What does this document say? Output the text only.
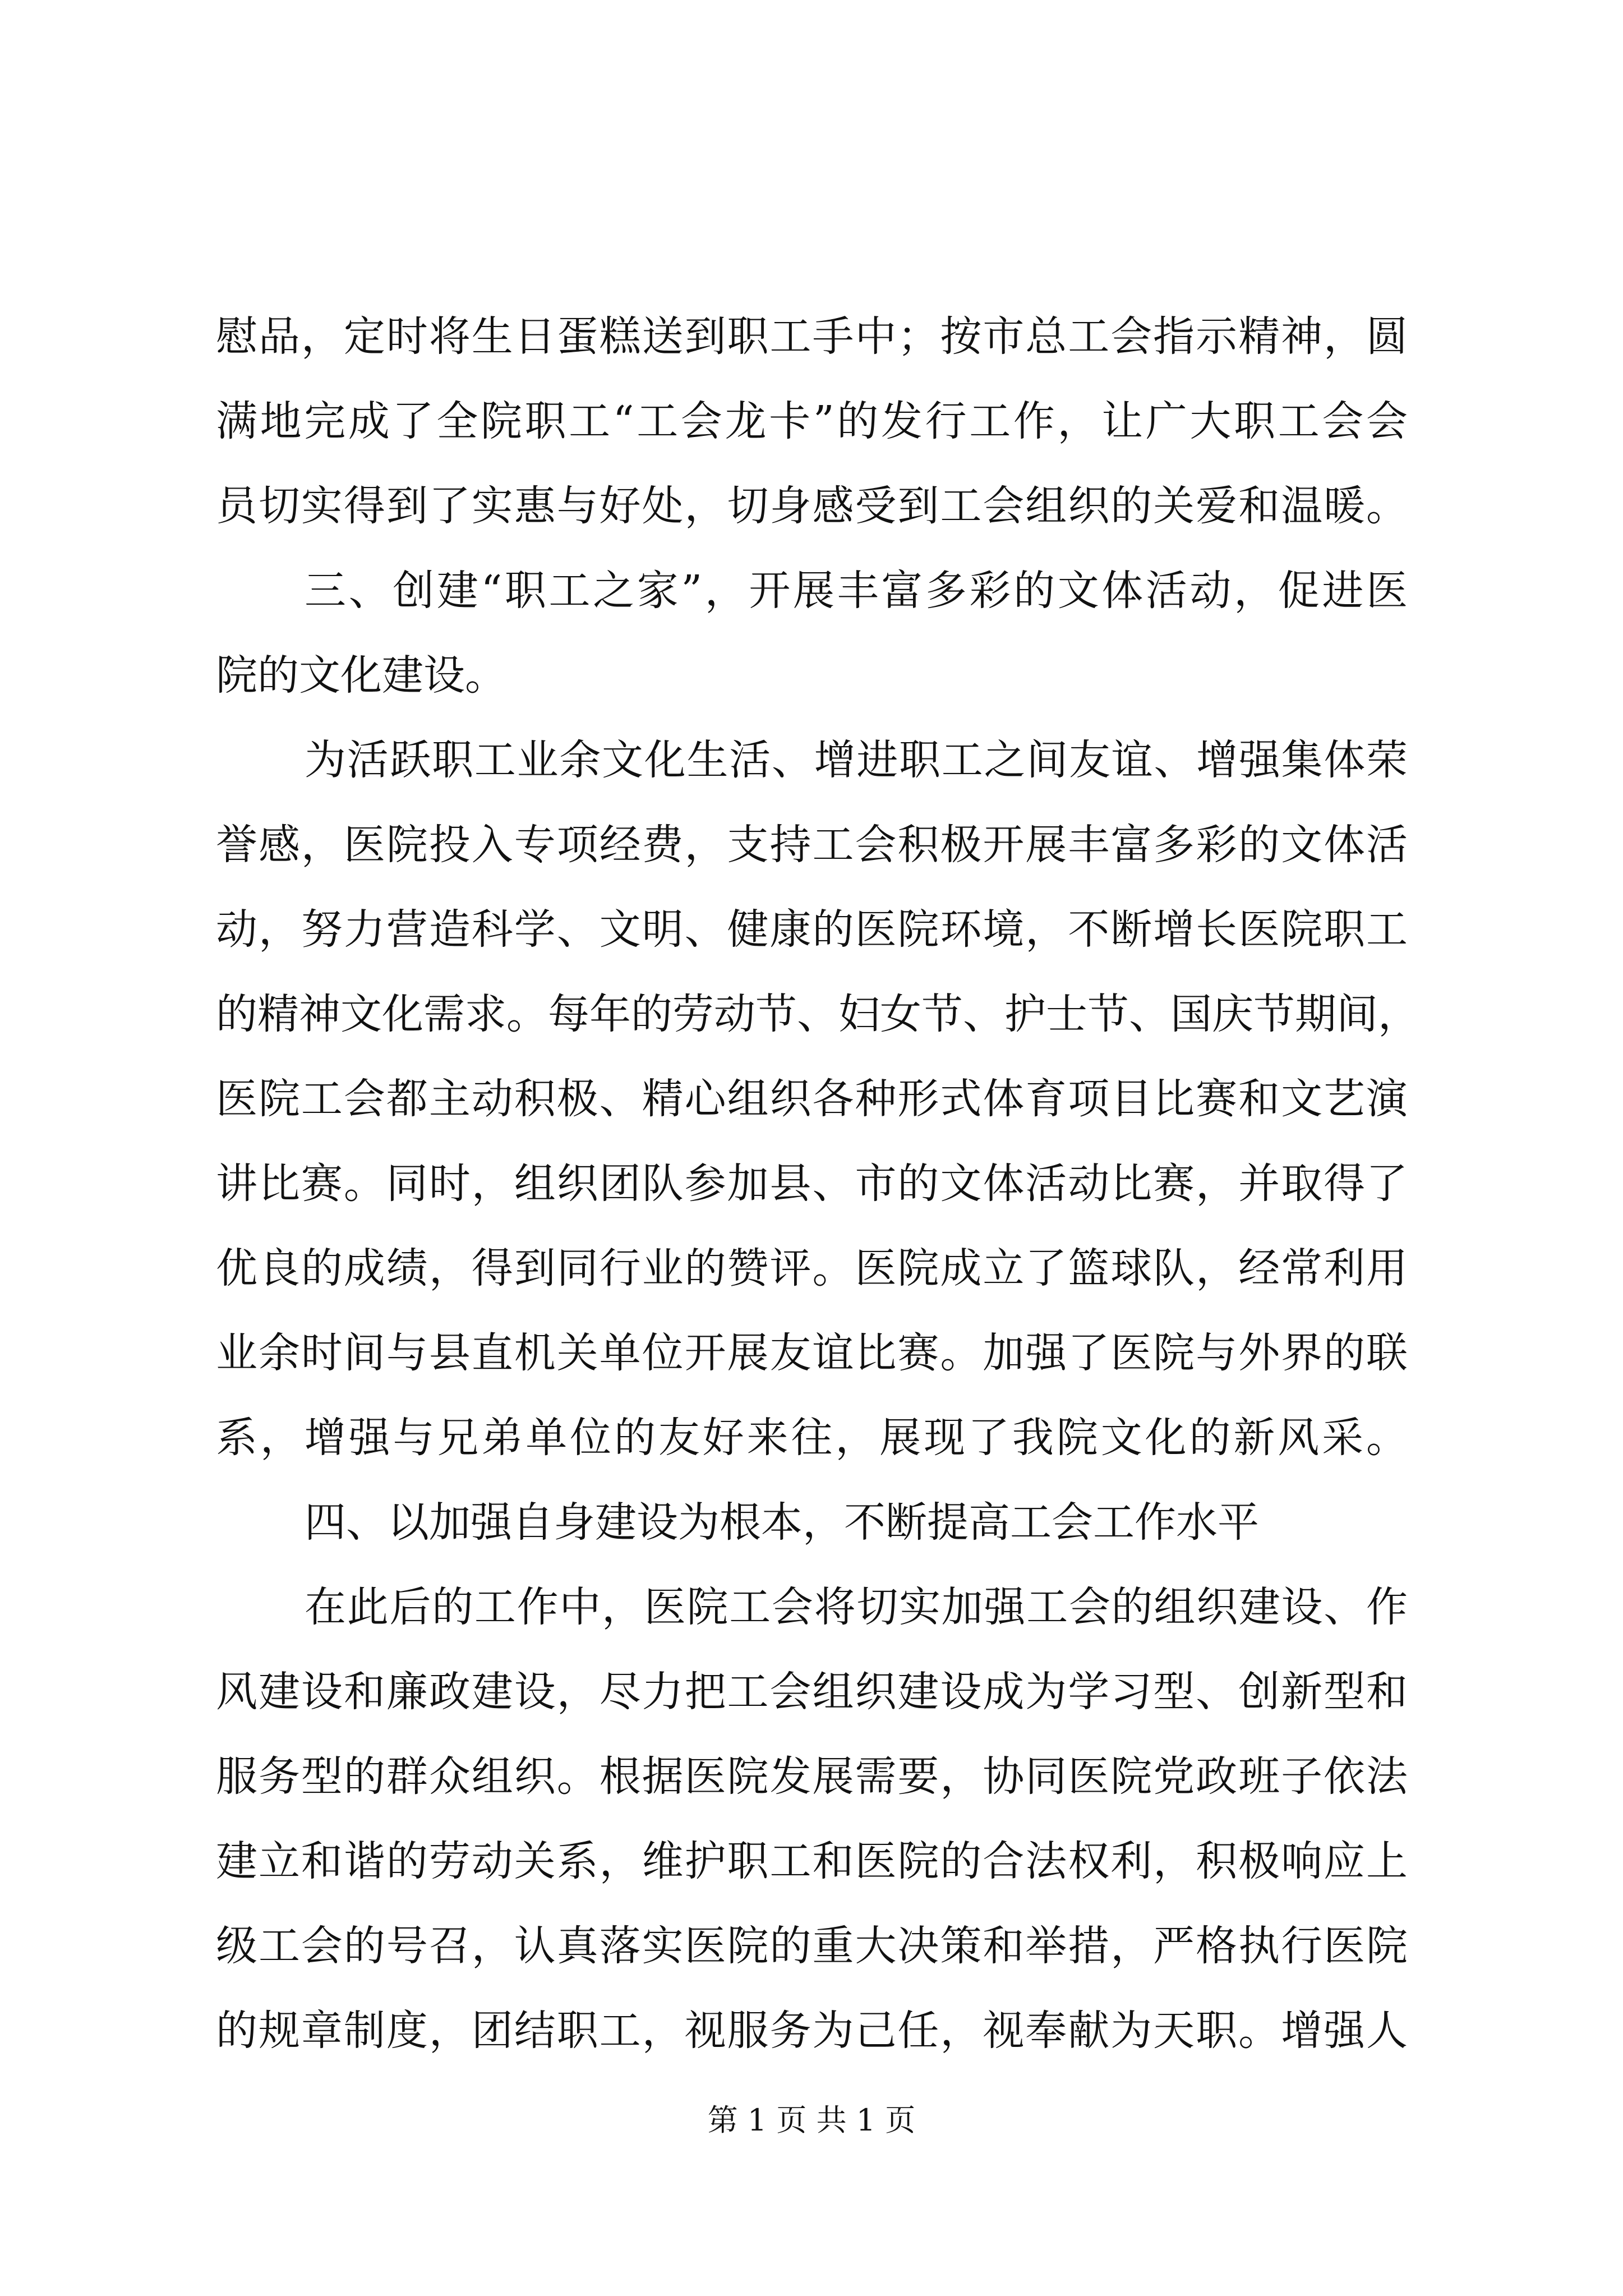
慰品，定时将生日蛋糕送到职工手中；按市总工会指示精神，圆
满地完成了全院职工“工会龙卡”的发行工作，让广大职工会会
员切实得到了实惠与好处，切身感受到工会组织的关爱和温暖。
三、创建“职工之家”，开展丰富多彩的文体活动，促进医
院的文化建设。
为活跃职工业余文化生活、增进职工之间友谊、增强集体荣
誉感，医院投入专项经费，支持工会积极开展丰富多彩的文体活
动，努力营造科学、文明、健康的医院环境，不断增长医院职工
的精神文化需求。每年的劳动节、妇女节、护士节、国庆节期间，
医院工会都主动积极、精心组织各种形式体育项目比赛和文艺演
讲比赛。同时，组织团队参加县、市的文体活动比赛，并取得了
优良的成绩，得到同行业的赞评。医院成立了篮球队，经常利用
业余时间与县直机关单位开展友谊比赛。加强了医院与外界的联
系，增强与兄弟单位的友好来往，展现了我院文化的新风采。
四、以加强自身建设为根本，不断提高工会工作水平
在此后的工作中，医院工会将切实加强工会的组织建设、作
风建设和廉政建设，尽力把工会组织建设成为学习型、创新型和
服务型的群众组织。根据医院发展需要，协同医院党政班子依法
建立和谐的劳动关系，维护职工和医院的合法权利，积极响应上
级工会的号召，认真落实医院的重大决策和举措，严格执行医院
的规章制度，团结职工，视服务为己任，视奉献为天职。增强人
第 1 页 共 1 页
